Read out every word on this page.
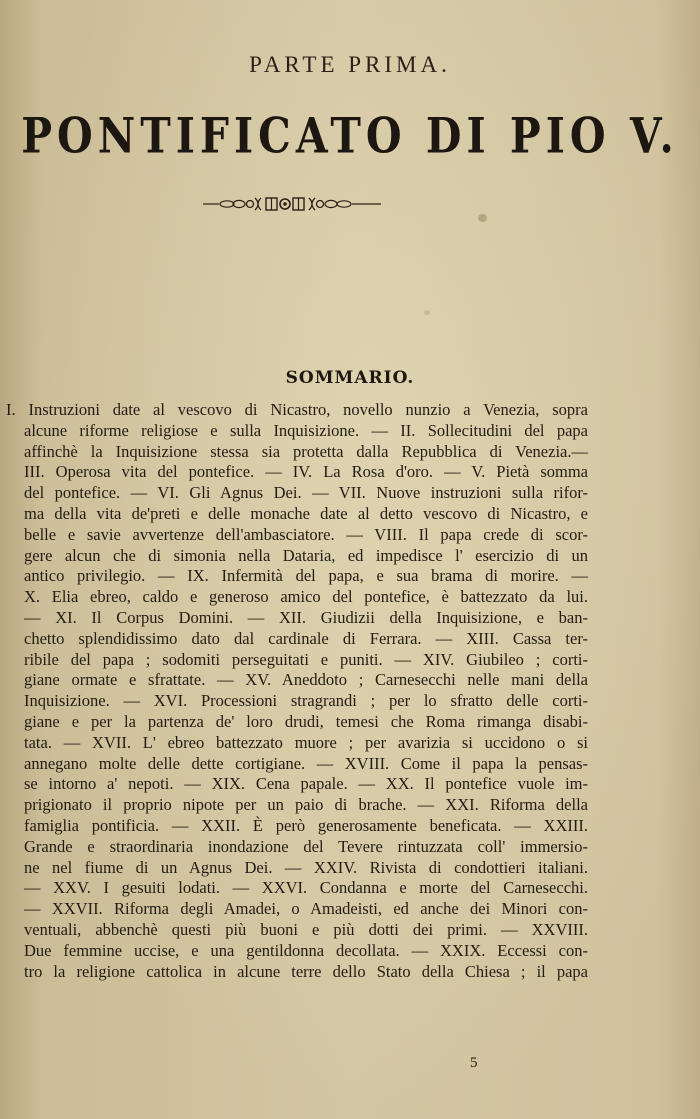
PARTE PRIMA.
PONTIFICATO DI PIO V.
SOMMARIO.
I. Instruzioni date al vescovo di Nicastro, novello nunzio a Venezia, sopra
alcune riforme religiose e sulla Inquisizione. — II. Sollecitudini del papa
affinchè la Inquisizione stessa sia protetta dalla Repubblica di Venezia.—
III. Operosa vita del pontefice. — IV. La Rosa d'oro. — V. Pietà somma
del pontefice. — VI. Gli Agnus Dei. — VII. Nuove instruzioni sulla rifor-
ma della vita de'preti e delle monache date al detto vescovo di Nicastro, e
belle e savie avvertenze dell'ambasciatore. — VIII. Il papa crede di scor-
gere alcun che di simonia nella Dataria, ed impedisce l' esercizio di un
antico privilegio. — IX. Infermità del papa, e sua brama di morire. —
X. Elia ebreo, caldo e generoso amico del pontefice, è battezzato da lui.
— XI. Il Corpus Domini. — XII. Giudizii della Inquisizione, e ban-
chetto splendidissimo dato dal cardinale di Ferrara. — XIII. Cassa ter-
ribile del papa ; sodomiti perseguitati e puniti. — XIV. Giubileo ; corti-
giane ormate e sfrattate. — XV. Aneddoto ; Carnesecchi nelle mani della
Inquisizione. — XVI. Processioni stragrandi ; per lo sfratto delle corti-
giane e per la partenza de' loro drudi, temesi che Roma rimanga disabi-
tata. — XVII. L' ebreo battezzato muore ; per avarizia si uccidono o si
annegano molte delle dette cortigiane. — XVIII. Come il papa la pensas-
se intorno a' nepoti. — XIX. Cena papale. — XX. Il pontefice vuole im-
prigionato il proprio nipote per un paio di brache. — XXI. Riforma della
famiglia pontificia. — XXII. È però generosamente beneficata. — XXIII.
Grande e straordinaria inondazione del Tevere rintuzzata coll' immersio-
ne nel fiume di un Agnus Dei. — XXIV. Rivista di condottieri italiani.
— XXV. I gesuiti lodati. — XXVI. Condanna e morte del Carnesecchi.
— XXVII. Riforma degli Amadei, o Amadeisti, ed anche dei Minori con-
ventuali, abbenchè questi più buoni e più dotti dei primi. — XXVIII.
Due femmine uccise, e una gentildonna decollata. — XXIX. Eccessi con-
tro la religione cattolica in alcune terre dello Stato della Chiesa ; il papa
5
